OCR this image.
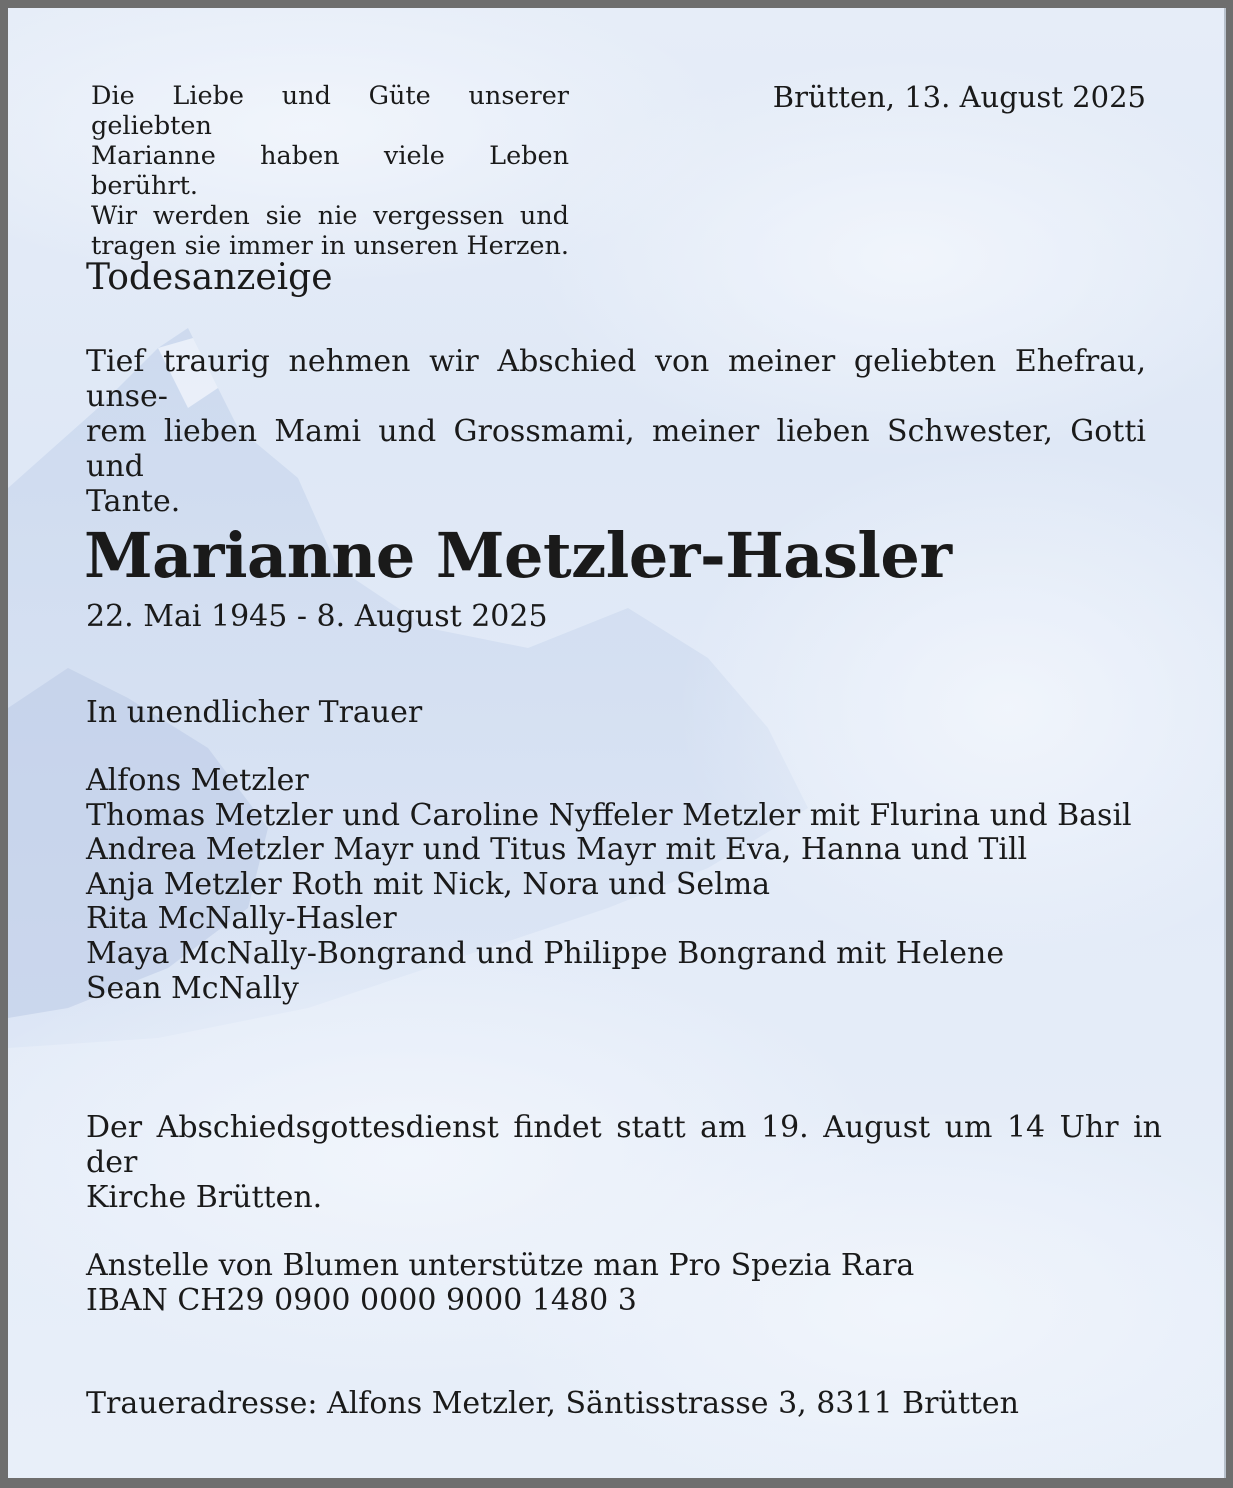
Die Liebe und Güte unserer geliebten
Marianne haben viele Leben berührt.
Wir werden sie nie vergessen und
tragen sie immer in unseren Herzen.

Brütten, 13. August 2025

Todesanzeige

Tief traurig nehmen wir Abschied von meiner geliebten Ehefrau, unse-
rem lieben Mami und Grossmami, meiner lieben Schwester, Gotti und
Tante.

Marianne Metzler-Hasler

22. Mai 1945 - 8. August 2025

In unendlicher Trauer

Alfons Metzler
Thomas Metzler und Caroline Nyffeler Metzler mit Flurina und Basil
Andrea Metzler Mayr und Titus Mayr mit Eva, Hanna und Till
Anja Metzler Roth mit Nick, Nora und Selma
Rita McNally-Hasler
Maya McNally-Bongrand und Philippe Bongrand mit Helene
Sean McNally

Der Abschiedsgottesdienst findet statt am 19. August um 14 Uhr in der
Kirche Brütten.

Anstelle von Blumen unterstütze man Pro Spezia Rara
IBAN CH29 0900 0000 9000 1480 3

Traueradresse: Alfons Metzler, Säntisstrasse 3, 8311 Brütten
